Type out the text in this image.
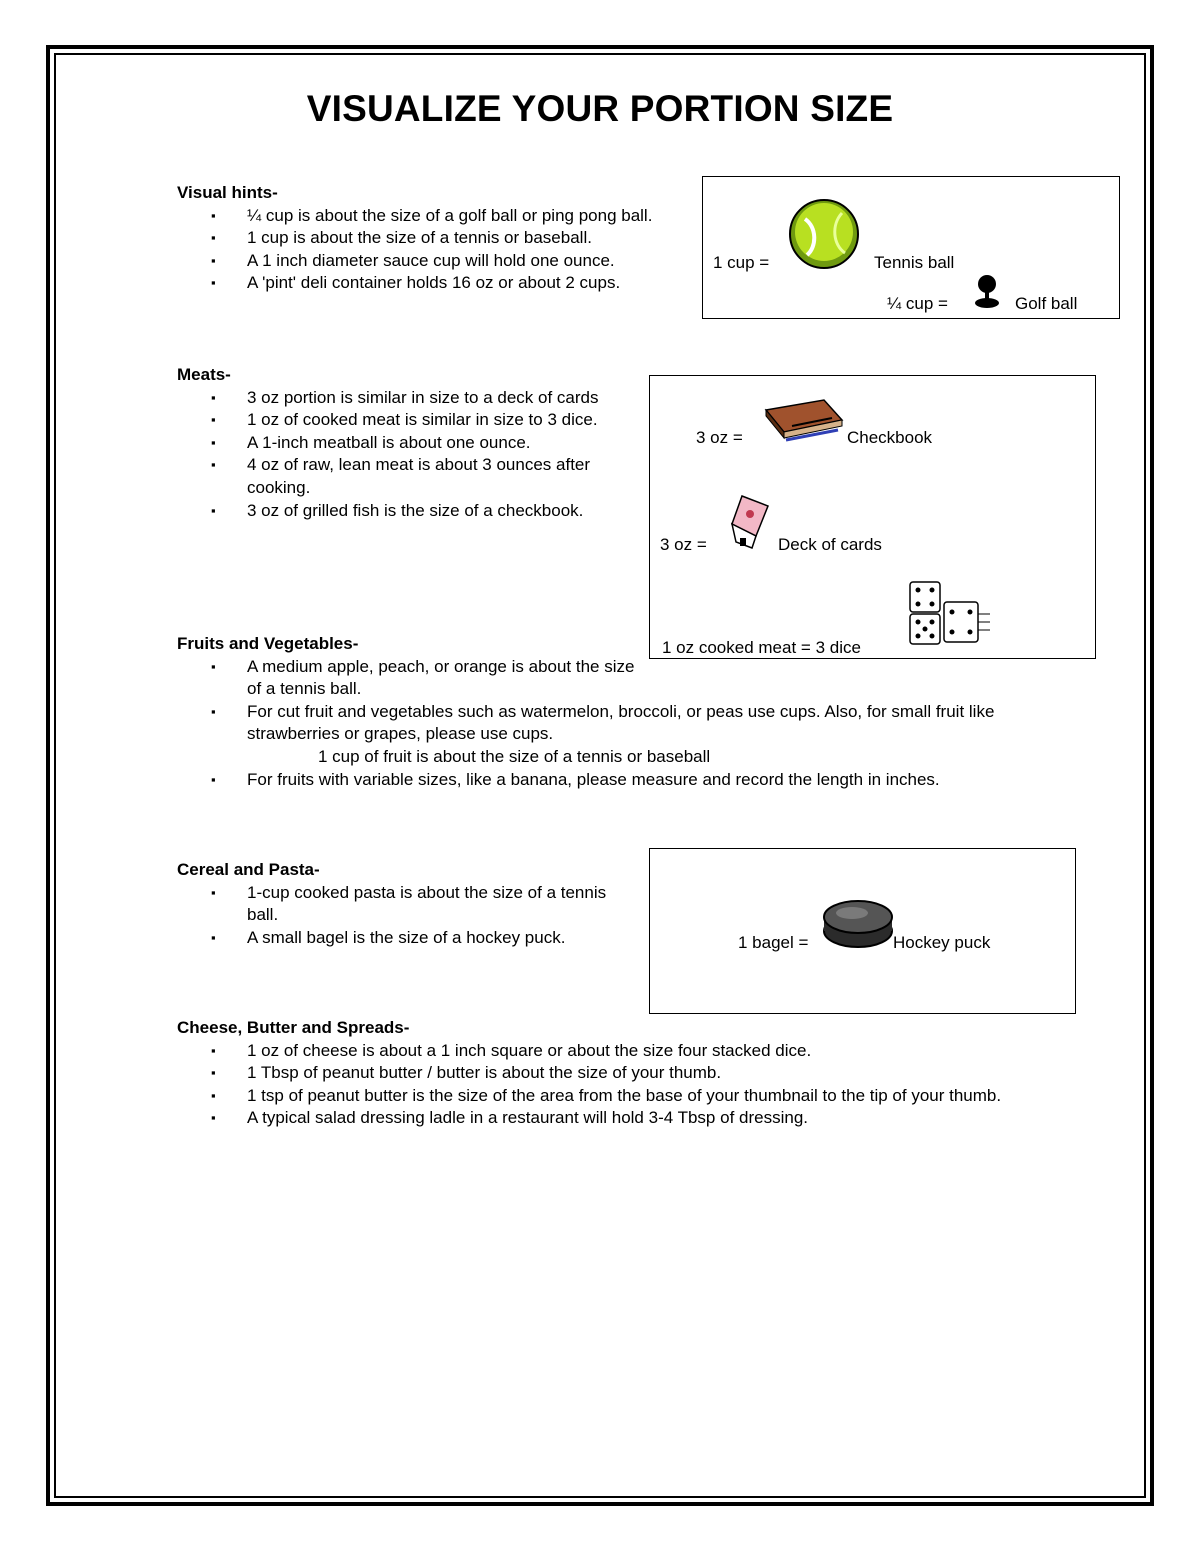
VISUALIZE YOUR PORTION SIZE
Visual hints-
▪ ¼ cup is about the size of a golf ball or ping pong ball.
▪ 1 cup is about the size of a tennis or baseball.
▪ A 1 inch diameter sauce cup will hold one ounce.
▪ A 'pint' deli container holds 16 oz or about 2 cups.
1 cup =	Tennis ball
¼ cup =	Golf ball
Meats-
▪ 3 oz portion is similar in size to a deck of cards
▪ 1 oz of cooked meat is similar in size to 3 dice.
▪ A 1-inch meatball is about one ounce.
▪ 4 oz of raw, lean meat is about 3 ounces after cooking.
▪ 3 oz of grilled fish is the size of a checkbook.
3 oz =	Checkbook
3 oz =	Deck of cards
1 oz cooked meat = 3 dice
Fruits and Vegetables-
▪ A medium apple, peach, or orange is about the size of a tennis ball.
▪ For cut fruit and vegetables such as watermelon, broccoli, or peas use cups. Also, for small fruit like strawberries or grapes, please use cups.
1 cup of fruit is about the size of a tennis or baseball
▪ For fruits with variable sizes, like a banana, please measure and record the length in inches.
Cereal and Pasta-
▪ 1-cup cooked pasta is about the size of a tennis ball.
▪ A small bagel is the size of a hockey puck.	1 bagel =	Hockey puck
Cheese, Butter and Spreads-
▪ 1 oz of cheese is about a 1 inch square or about the size four stacked dice.
▪ 1 Tbsp of peanut butter / butter is about the size of your thumb.
▪ 1 tsp of peanut butter is the size of the area from the base of your thumbnail to the tip of your thumb.
▪ A typical salad dressing ladle in a restaurant will hold 3-4 Tbsp of dressing.
